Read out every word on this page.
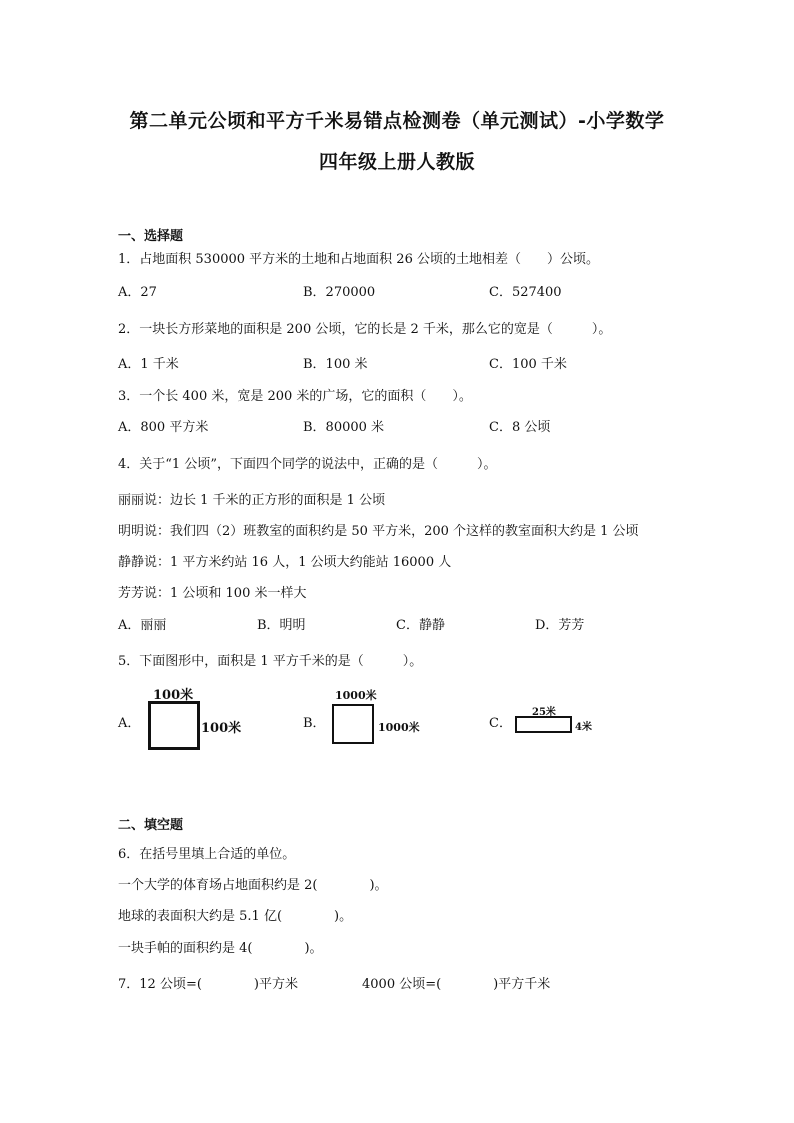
第二单元公顷和平方千米易错点检测卷（单元测试）-小学数学
四年级上册人教版
一、选择题
1．占地面积 530000 平方米的土地和占地面积 26 公顷的土地相差（　　）公顷。
A．27	B．270000	C．527400
2．一块长方形菜地的面积是 200 公顷，它的长是 2 千米，那么它的宽是（　　　）。
A．1 千米	B．100 米	C．100 千米
3．一个长 400 米，宽是 200 米的广场，它的面积（　　）。
A．800 平方米	B．80000 米	C．8 公顷
4．关于“1 公顷”，下面四个同学的说法中，正确的是（　　　）。
丽丽说：边长 1 千米的正方形的面积是 1 公顷
明明说：我们四（2）班教室的面积约是 50 平方米，200 个这样的教室面积大约是 1 公顷
静静说：1 平方米约站 16 人，1 公顷大约能站 16000 人
芳芳说：1 公顷和 100 米一样大
A．丽丽	B．明明	C．静静	D．芳芳
5．下面图形中，面积是 1 平方千米的是（　　　）。
A．
100米
100米	B．
1000米
1000米	C．
25米
4米
二、填空题
6．在括号里填上合适的单位。
一个大学的体育场占地面积约是 2(　　　　)。
地球的表面积大约是 5.1 亿(　　　　)。
一块手帕的面积约是 4(　　　　)。
7．12 公顷=(　　　　)平方米	4000 公顷=(　　　　)平方千米
